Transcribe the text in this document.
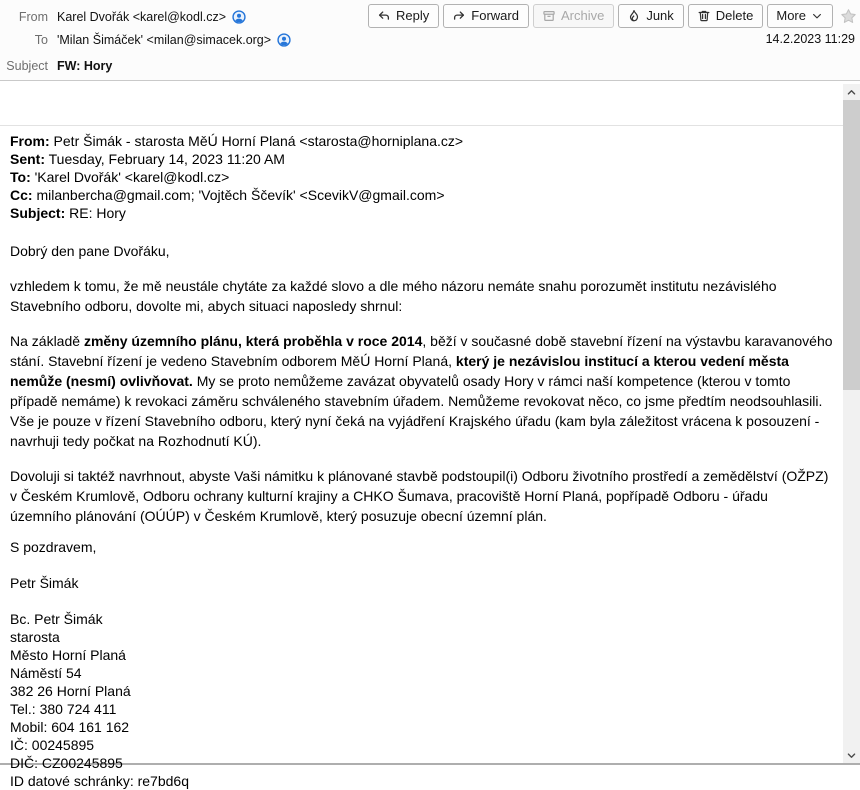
From Karel Dvořák <karel@kodl.cz>
To 'Milan Šimáček' <milan@simacek.org>
Subject FW: Hory
Reply	Forward	Archive	Junk	Delete More
14.2.2023 11:29
From: Petr Šimák - starosta MěÚ Horní Planá <starosta@horniplana.cz>
Sent: Tuesday, February 14, 2023 11:20 AM
To: 'Karel Dvořák' <karel@kodl.cz>
Cc: milanbercha@gmail.com; 'Vojtěch Ščevík' <ScevikV@gmail.com>
Subject: RE: Hory
Dobrý den pane Dvořáku,
vzhledem k tomu, že mě neustále chytáte za každé slovo a dle mého názoru nemáte snahu porozumět institutu nezávislého Stavebního odboru, dovolte mi, abych situaci naposledy shrnul:
Na základě změny územního plánu, která proběhla v roce 2014, běží v současné době stavební řízení na výstavbu karavanového stání. Stavební řízení je vedeno Stavebním odborem MěÚ Horní Planá, který je nezávislou institucí a kterou vedení města nemůže (nesmí) ovlivňovat. My se proto nemůžeme zavázat obyvatelů osady Hory v rámci naší kompetence (kterou v tomto případě nemáme) k revokaci záměru schváleného stavebním úřadem. Nemůžeme revokovat něco, co jsme předtím neodsouhlasili. Vše je pouze v řízení Stavebního odboru, který nyní čeká na vyjádření Krajského úřadu (kam byla záležitost vrácena k posouzení - navrhuji tedy počkat na Rozhodnutí KÚ).
Dovoluji si taktéž navrhnout, abyste Vaši námitku k plánované stavbě podstoupil(i) Odboru životního prostředí a zemědělství (OŽPZ) v Českém Krumlově, Odboru ochrany kulturní krajiny a CHKO Šumava, pracoviště Horní Planá, popřípadě Odboru - úřadu územního plánování (OÚÚP) v Českém Krumlově, který posuzuje obecní územní plán.
S pozdravem,
Petr Šimák
Bc. Petr Šimák
starosta
Město Horní Planá
Náměstí 54
382 26 Horní Planá
Tel.: 380 724 411
Mobil: 604 161 162
IČ: 00245895
DIČ: CZ00245895
ID datové schránky: re7bd6q
